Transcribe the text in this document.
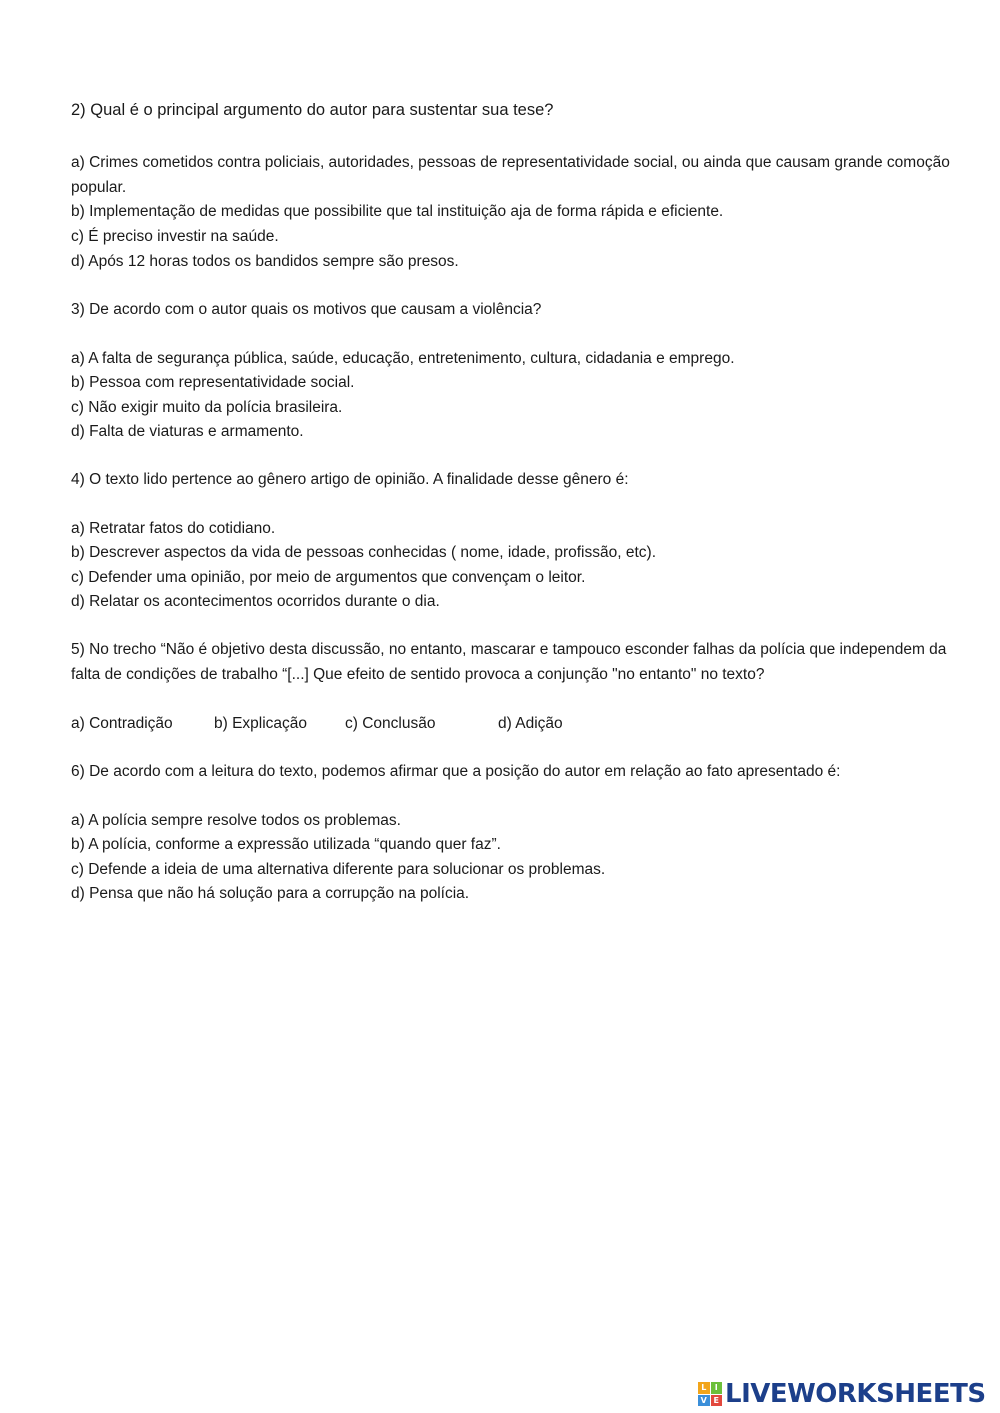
2) Qual é o principal argumento do autor para sustentar sua tese?
a) Crimes cometidos contra policiais, autoridades, pessoas de representatividade social, ou ainda que causam grande comoção popular.
b) Implementação de medidas que possibilite que tal instituição aja de forma rápida e eficiente.
c) É preciso investir na saúde.
d) Após 12 horas todos os bandidos sempre são presos.
3) De acordo com o autor quais os motivos que causam a violência?
a) A falta de segurança pública, saúde, educação, entretenimento, cultura, cidadania e emprego.
b) Pessoa com representatividade social.
c) Não exigir muito da polícia brasileira.
d) Falta de viaturas e armamento.
4) O texto lido pertence ao gênero artigo de opinião. A finalidade desse gênero é:
a) Retratar fatos do cotidiano.
b) Descrever aspectos da vida de pessoas conhecidas ( nome, idade, profissão, etc).
c) Defender uma opinião, por meio de argumentos que convençam o leitor.
d) Relatar os acontecimentos ocorridos durante o dia.
5) No trecho “Não é objetivo desta discussão, no entanto, mascarar e tampouco esconder falhas da polícia que independem da falta de condições de trabalho “[...] Que efeito de sentido provoca a conjunção "no entanto" no texto?
a) Contradição	b) Explicação c) Conclusão	d) Adição
6) De acordo com a leitura do texto, podemos afirmar que a posição do autor em relação ao fato apresentado é:
a) A polícia sempre resolve todos os problemas.
b) A polícia, conforme a expressão utilizada “quando quer faz”.
c) Defende a ideia de uma alternativa diferente para solucionar os problemas.
d) Pensa que não há solução para a corrupção na polícia.
L	I
V E LIVEWORKSHEETS
